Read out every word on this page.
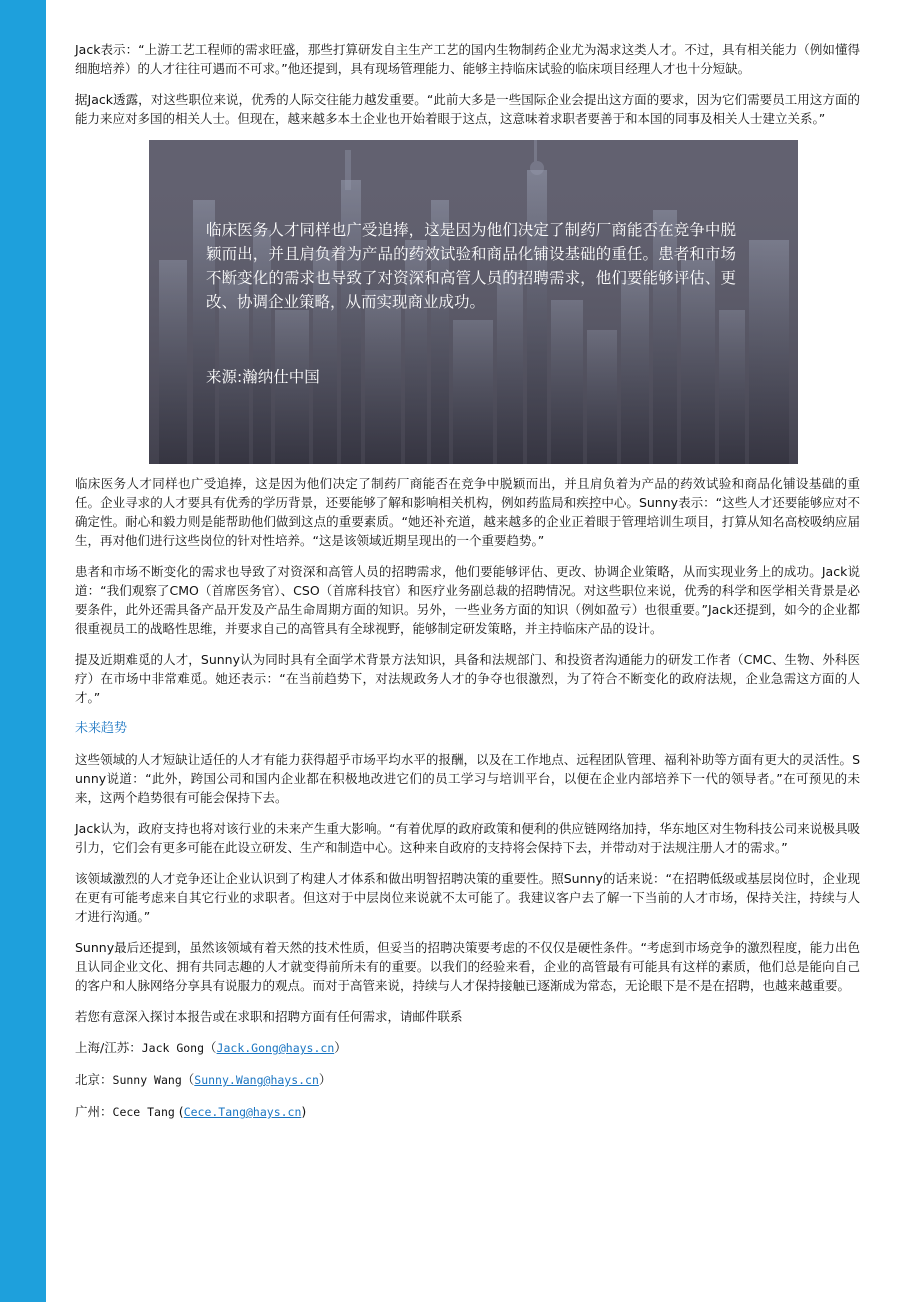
Jack表示：“上游工艺工程师的需求旺盛，那些打算研发自主生产工艺的国内生物制药企业尤为渴求这类人才。不过，具有相关能力（例如懂得细胞培养）的人才往往可遇而不可求。”他还提到，具有现场管理能力、能够主持临床试验的临床项目经理人才也十分短缺。

据Jack透露，对这些职位来说，优秀的人际交往能力越发重要。“此前大多是一些国际企业会提出这方面的要求，因为它们需要员工用这方面的能力来应对多国的相关人士。但现在，越来越多本土企业也开始着眼于这点，这意味着求职者要善于和本国的同事及相关人士建立关系。”

临床医务人才同样也广受追捧，这是因为他们决定了制药厂商能否在竞争中脱颖而出，并且肩负着为产品的药效试验和商品化铺设基础的重任。患者和市场不断变化的需求也导致了对资深和高管人员的招聘需求，他们要能够评估、更改、协调企业策略，从而实现商业成功。
来源:瀚纳仕中国

临床医务人才同样也广受追捧，这是因为他们决定了制药厂商能否在竞争中脱颖而出，并且肩负着为产品的药效试验和商品化铺设基础的重任。企业寻求的人才要具有优秀的学历背景，还要能够了解和影响相关机构，例如药监局和疾控中心。Sunny表示：“这些人才还要能够应对不确定性。耐心和毅力则是能帮助他们做到这点的重要素质。“她还补充道，越来越多的企业正着眼于管理培训生项目，打算从知名高校吸纳应届生，再对他们进行这些岗位的针对性培养。“这是该领域近期呈现出的一个重要趋势。”

患者和市场不断变化的需求也导致了对资深和高管人员的招聘需求，他们要能够评估、更改、协调企业策略，从而实现业务上的成功。Jack说道：“我们观察了CMO（首席医务官）、CSO（首席科技官）和医疗业务副总裁的招聘情况。对这些职位来说，优秀的科学和医学相关背景是必要条件，此外还需具备产品开发及产品生命周期方面的知识。另外，一些业务方面的知识（例如盈亏）也很重要。”Jack还提到，如今的企业都很重视员工的战略性思维，并要求自己的高管具有全球视野，能够制定研发策略，并主持临床产品的设计。

提及近期难觅的人才，Sunny认为同时具有全面学术背景方法知识，具备和法规部门、和投资者沟通能力的研发工作者（CMC、生物、外科医疗）在市场中非常难觅。她还表示：“在当前趋势下，对法规政务人才的争夺也很激烈，为了符合不断变化的政府法规，企业急需这方面的人才。”

未来趋势

这些领域的人才短缺让适任的人才有能力获得超乎市场平均水平的报酬，以及在工作地点、远程团队管理、福利补助等方面有更大的灵活性。Sunny说道：“此外，跨国公司和国内企业都在积极地改进它们的员工学习与培训平台，以便在企业内部培养下一代的领导者。”在可预见的未来，这两个趋势很有可能会保持下去。

Jack认为，政府支持也将对该行业的未来产生重大影响。“有着优厚的政府政策和便利的供应链网络加持，华东地区对生物科技公司来说极具吸引力，它们会有更多可能在此设立研发、生产和制造中心。这种来自政府的支持将会保持下去，并带动对于法规注册人才的需求。”

该领域激烈的人才竞争还让企业认识到了构建人才体系和做出明智招聘决策的重要性。照Sunny的话来说：“在招聘低级或基层岗位时，企业现在更有可能考虑来自其它行业的求职者。但这对于中层岗位来说就不太可能了。我建议客户去了解一下当前的人才市场，保持关注，持续与人才进行沟通。”

Sunny最后还提到，虽然该领域有着天然的技术性质，但妥当的招聘决策要考虑的不仅仅是硬性条件。“考虑到市场竞争的激烈程度，能力出色且认同企业文化、拥有共同志趣的人才就变得前所未有的重要。以我们的经验来看，企业的高管最有可能具有这样的素质，他们总是能向自己的客户和人脉网络分享具有说服力的观点。而对于高管来说，持续与人才保持接触已逐渐成为常态，无论眼下是不是在招聘，也越来越重要。

若您有意深入探讨本报告或在求职和招聘方面有任何需求，请邮件联系

上海/江苏：Jack Gong（Jack.Gong@hays.cn）
北京：Sunny Wang（Sunny.Wang@hays.cn）
广州：Cece Tang (Cece.Tang@hays.cn)
